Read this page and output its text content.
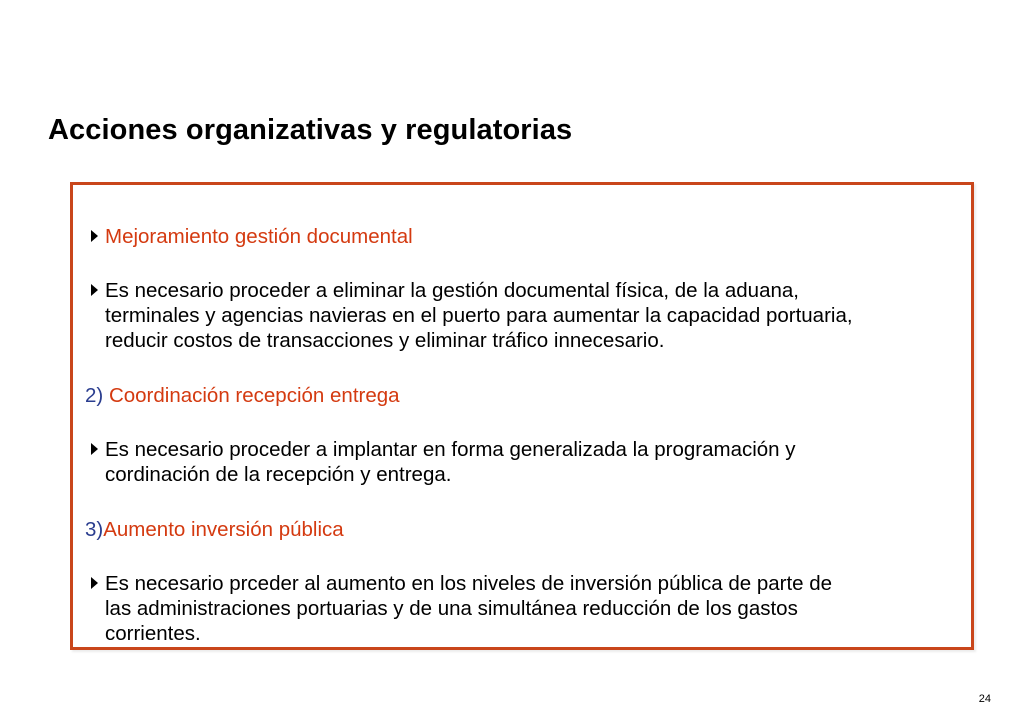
Acciones organizativas y regulatorias
Mejoramiento gestión documental
Es necesario proceder a eliminar la gestión documental física, de la aduana,
terminales y agencias navieras en el puerto para aumentar la capacidad portuaria,
reducir costos de transacciones y eliminar tráfico innecesario.
2) Coordinación recepción entrega
Es necesario proceder a implantar en forma generalizada la programación y
cordinación de la recepción y entrega.
3)Aumento inversión pública
Es necesario prceder al aumento en los niveles de inversión pública de parte de
las administraciones portuarias y de una simultánea reducción de los gastos
corrientes.
24
